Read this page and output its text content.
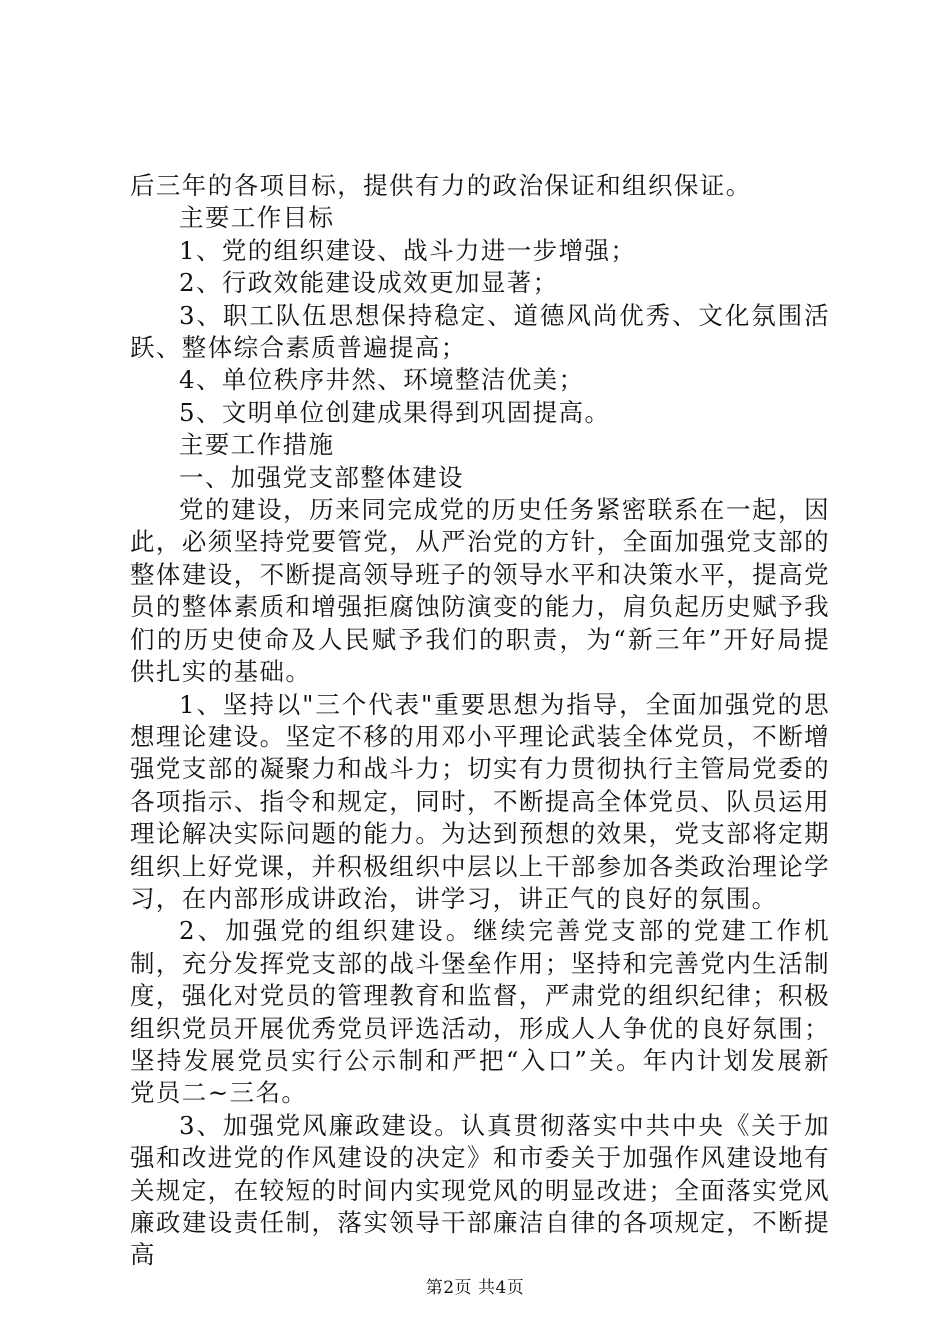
后三年的各项目标，提供有力的政治保证和组织保证。

主要工作目标

1、党的组织建设、战斗力进一步增强；

2、行政效能建设成效更加显著；

3、职工队伍思想保持稳定、道德风尚优秀、文化氛围活跃、整体综合素质普遍提高；

4、单位秩序井然、环境整洁优美；

5、文明单位创建成果得到巩固提高。

主要工作措施

一、加强党支部整体建设

党的建设，历来同完成党的历史任务紧密联系在一起，因此，必须坚持党要管党，从严治党的方针，全面加强党支部的整体建设，不断提高领导班子的领导水平和决策水平，提高党员的整体素质和增强拒腐蚀防演变的能力，肩负起历史赋予我们的历史使命及人民赋予我们的职责，为“新三年”开好局提供扎实的基础。

1、坚持以"三个代表"重要思想为指导，全面加强党的思想理论建设。坚定不移的用邓小平理论武装全体党员，不断增强党支部的凝聚力和战斗力；切实有力贯彻执行主管局党委的各项指示、指令和规定，同时，不断提高全体党员、队员运用理论解决实际问题的能力。为达到预想的效果，党支部将定期组织上好党课，并积极组织中层以上干部参加各类政治理论学习，在内部形成讲政治，讲学习，讲正气的良好的氛围。

2、加强党的组织建设。继续完善党支部的党建工作机制，充分发挥党支部的战斗堡垒作用；坚持和完善党内生活制度，强化对党员的管理教育和监督，严肃党的组织纪律；积极组织党员开展优秀党员评选活动，形成人人争优的良好氛围；坚持发展党员实行公示制和严把“入口”关。年内计划发展新党员二~三名。

3、加强党风廉政建设。认真贯彻落实中共中央《关于加强和改进党的作风建设的决定》和市委关于加强作风建设地有关规定，在较短的时间内实现党风的明显改进；全面落实党风廉政建设责任制，落实领导干部廉洁自律的各项规定，不断提高

第2页 共4页
